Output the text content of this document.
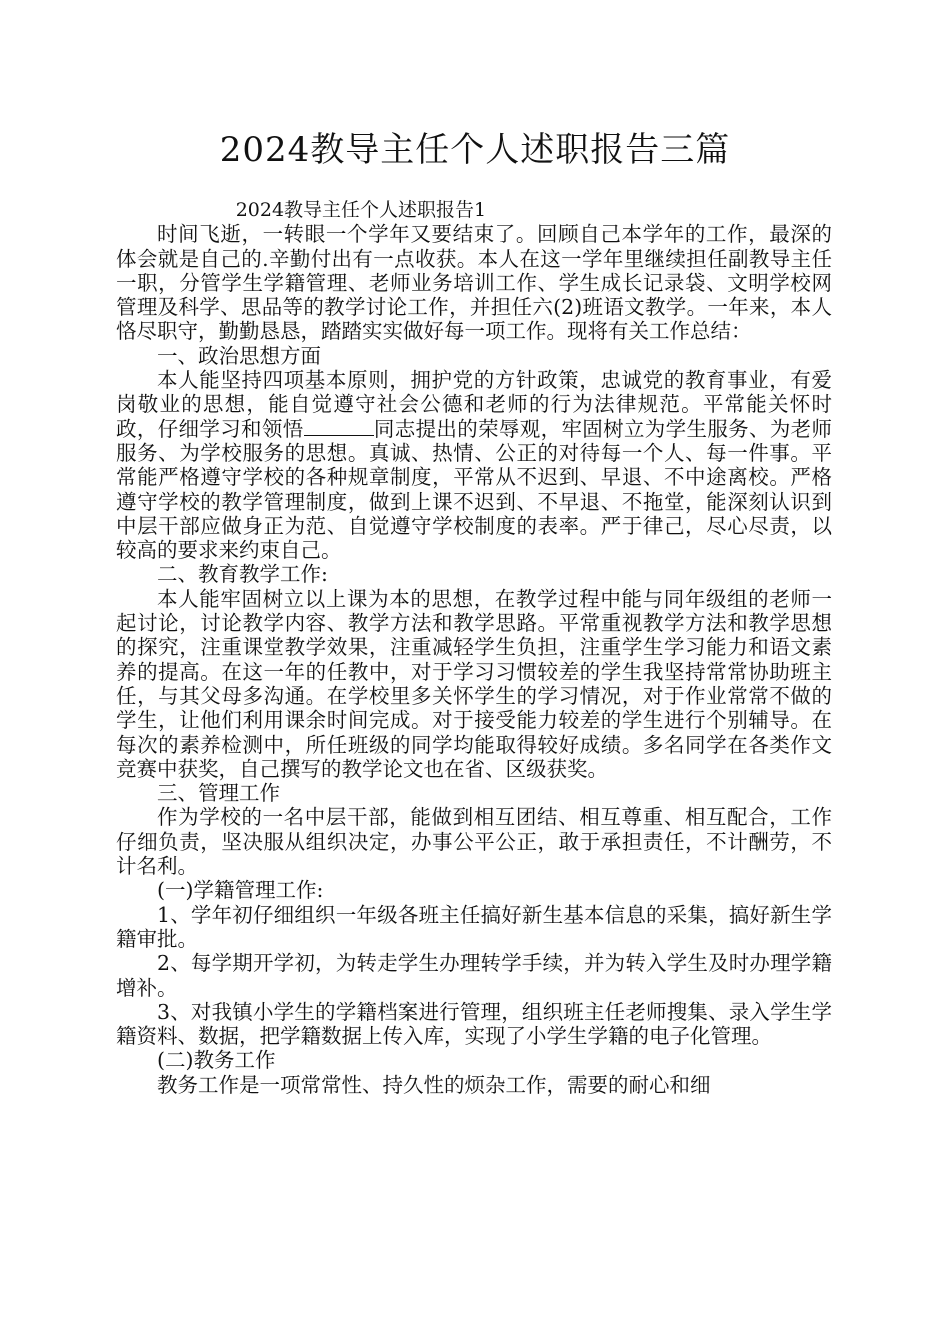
2024教导主任个人述职报告三篇

2024教导主任个人述职报告1

时间飞逝，一转眼一个学年又要结束了。回顾自己本学年的工作，最深的体会就是自己的.辛勤付出有一点收获。本人在这一学年里继续担任副教导主任一职，分管学生学籍管理、老师业务培训工作、学生成长记录袋、文明学校网管理及科学、思品等的教学讨论工作，并担任六(2)班语文教学。一年来，本人恪尽职守，勤勤恳恳，踏踏实实做好每一项工作。现将有关工作总结：

一、政治思想方面

本人能坚持四项基本原则，拥护党的方针政策，忠诚党的教育事业，有爱岗敬业的思想，能自觉遵守社会公德和老师的行为法律规范。平常能关怀时政，仔细学习和领悟	同志提出的荣辱观，牢固树立为学生服务、为老师服务、为学校服务的思想。真诚、热情、公正的对待每一个人、每一件事。平常能严格遵守学校的各种规章制度，平常从不迟到、早退、不中途离校。严格遵守学校的教学管理制度，做到上课不迟到、不早退、不拖堂，能深刻认识到中层干部应做身正为范、自觉遵守学校制度的表率。严于律己，尽心尽责，以较高的要求来约束自己。

二、教育教学工作:

本人能牢固树立以上课为本的思想，在教学过程中能与同年级组的老师一起讨论，讨论教学内容、教学方法和教学思路。平常重视教学方法和教学思想的探究，注重课堂教学效果，注重减轻学生负担，注重学生学习能力和语文素养的提高。在这一年的任教中，对于学习习惯较差的学生我坚持常常协助班主任，与其父母多沟通。在学校里多关怀学生的学习情况，对于作业常常不做的学生，让他们利用课余时间完成。对于接受能力较差的学生进行个别辅导。在每次的素养检测中，所任班级的同学均能取得较好成绩。多名同学在各类作文竞赛中获奖，自己撰写的教学论文也在省、区级获奖。

三、管理工作

作为学校的一名中层干部，能做到相互团结、相互尊重、相互配合，工作仔细负责，坚决服从组织决定，办事公平公正，敢于承担责任，不计酬劳，不计名利。

(一)学籍管理工作:

1、学年初仔细组织一年级各班主任搞好新生基本信息的采集，搞好新生学籍审批。

2、每学期开学初，为转走学生办理转学手续，并为转入学生及时办理学籍增补。

3、对我镇小学生的学籍档案进行管理，组织班主任老师搜集、录入学生学籍资料、数据，把学籍数据上传入库，实现了小学生学籍的电子化管理。

(二)教务工作

教务工作是一项常常性、持久性的烦杂工作，需要的耐心和细
